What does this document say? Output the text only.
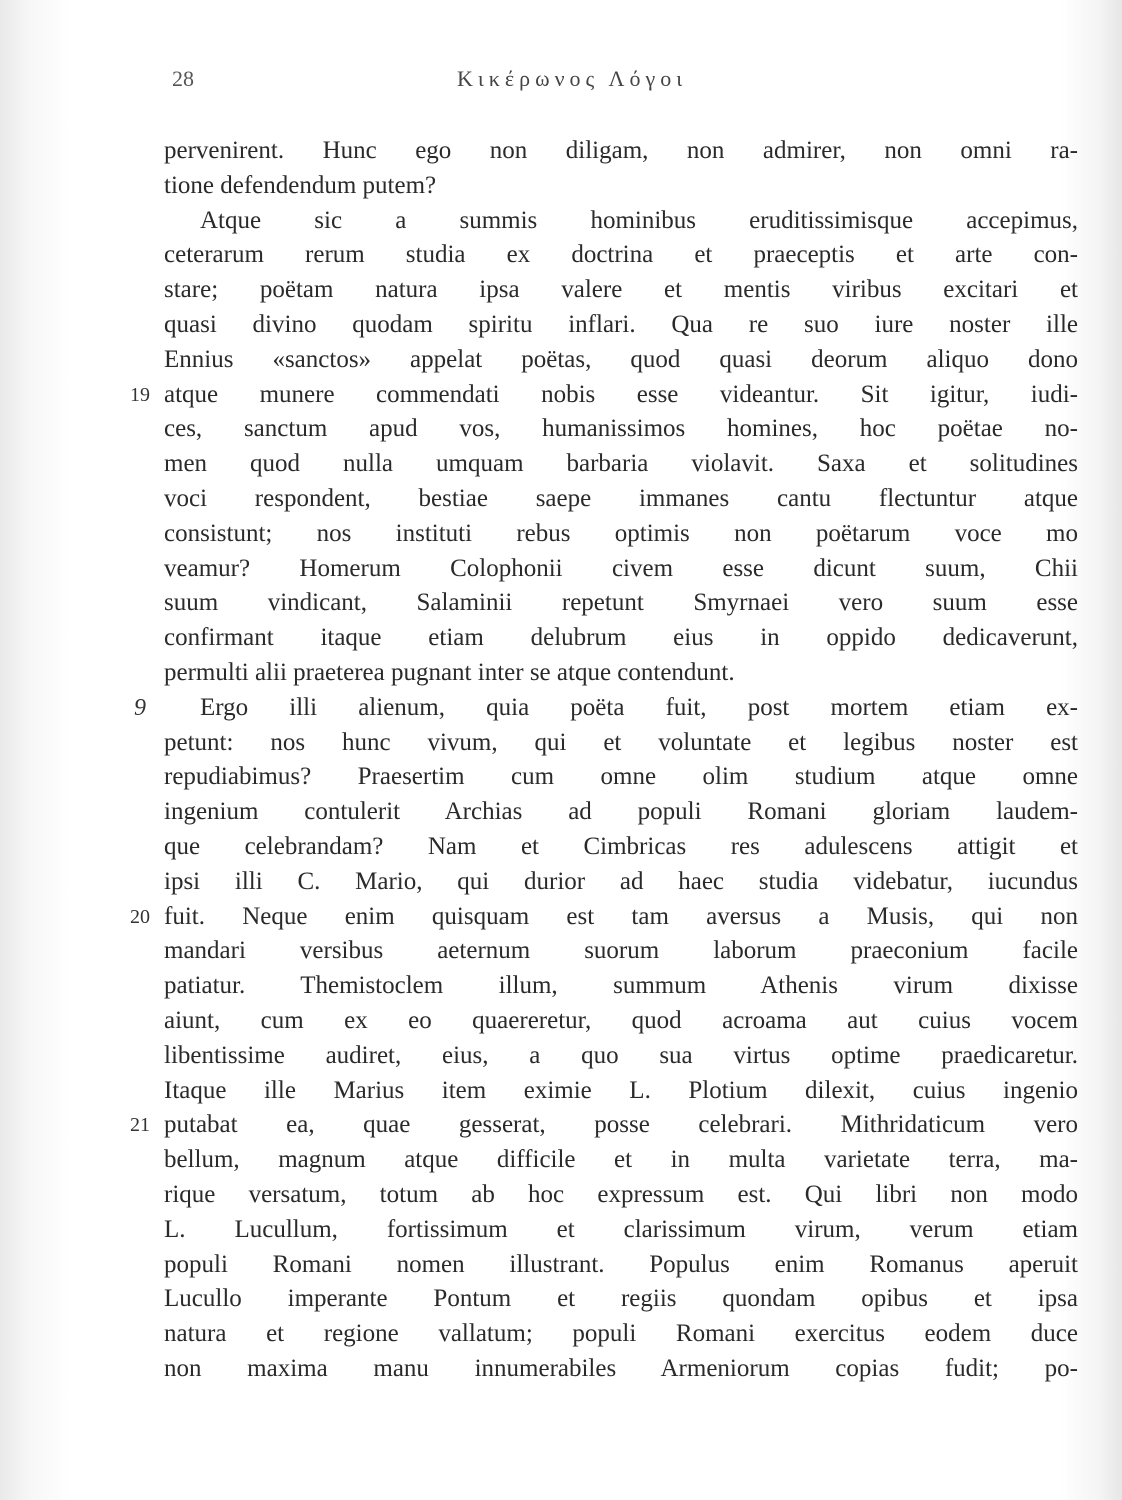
28	Κικέρωνος Λόγοι
pervenirent. Hunc ego non diligam, non admirer, non omni ra-
tione defendendum putem?
Atque sic a summis hominibus eruditissimisque accepimus,
ceterarum rerum studia ex doctrina et praeceptis et arte con-
stare; poëtam natura ipsa valere et mentis viribus excitari et
quasi divino quodam spiritu inflari. Qua re suo iure noster ille
Ennius «sanctos» appelat poëtas, quod quasi deorum aliquo dono
19 atque munere commendati nobis esse videantur. Sit igitur, iudi-
ces, sanctum apud vos, humanissimos homines, hoc poëtae no-
men quod nulla umquam barbaria violavit. Saxa et solitudines
voci respondent, bestiae saepe immanes cantu flectuntur atque
consistunt; nos instituti rebus optimis non poëtarum voce mo
veamur? Homerum Colophonii civem esse dicunt suum, Chii
suum vindicant, Salaminii repetunt Smyrnaei vero suum esse
confirmant itaque etiam delubrum eius in oppido dedicaverunt,
permulti alii praeterea pugnant inter se atque contendunt.
9	Ergo illi alienum, quia poëta fuit, post mortem etiam ex-
petunt: nos hunc vivum, qui et voluntate et legibus noster est
repudiabimus? Praesertim cum omne olim studium atque omne
ingenium contulerit Archias ad populi Romani gloriam laudem-
que celebrandam? Nam et Cimbricas res adulescens attigit et
ipsi illi C. Mario, qui durior ad haec studia videbatur, iucundus
20 fuit. Neque enim quisquam est tam aversus a Musis, qui non
mandari versibus aeternum suorum laborum praeconium facile
patiatur. Themistoclem illum, summum Athenis virum dixisse
aiunt, cum ex eo quaereretur, quod acroama aut cuius vocem
libentissime audiret, eius, a quo sua virtus optime praedicaretur.
Itaque ille Marius item eximie L. Plotium dilexit, cuius ingenio
21 putabat ea, quae gesserat, posse celebrari. Mithridaticum vero
bellum, magnum atque difficile et in multa varietate terra, ma-
rique versatum, totum ab hoc expressum est. Qui libri non modo
L. Lucullum, fortissimum et clarissimum virum, verum etiam
populi Romani nomen illustrant. Populus enim Romanus aperuit
Lucullo imperante Pontum et regiis quondam opibus et ipsa
natura et regione vallatum; populi Romani exercitus eodem duce
non maxima manu innumerabiles Armeniorum copias fudit; po-
